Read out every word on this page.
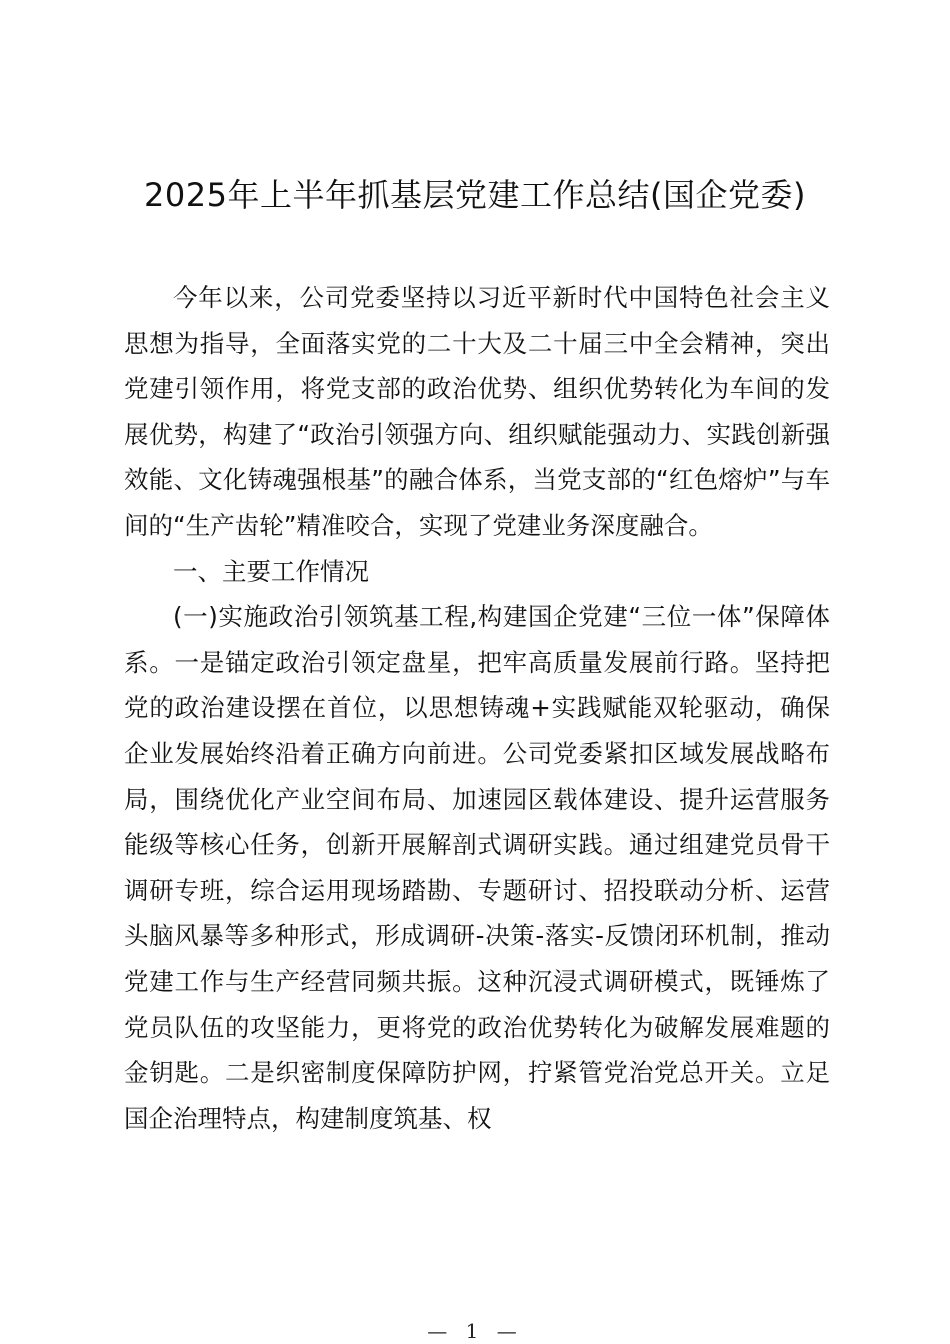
2025年上半年抓基层党建工作总结(国企党委)

今年以来，公司党委坚持以习近平新时代中国特色社会主义思想为指导，全面落实党的二十大及二十届三中全会精神，突出党建引领作用，将党支部的政治优势、组织优势转化为车间的发展优势，构建了“政治引领强方向、组织赋能强动力、实践创新强效能、文化铸魂强根基”的融合体系，当党支部的“红色熔炉”与车间的“生产齿轮”精准咬合，实现了党建业务深度融合。

一、主要工作情况

(一)实施政治引领筑基工程,构建国企党建“三位一体”保障体系。一是锚定政治引领定盘星，把牢高质量发展前行路。坚持把党的政治建设摆在首位，以思想铸魂+实践赋能双轮驱动，确保企业发展始终沿着正确方向前进。公司党委紧扣区域发展战略布局，围绕优化产业空间布局、加速园区载体建设、提升运营服务能级等核心任务，创新开展解剖式调研实践。通过组建党员骨干调研专班，综合运用现场踏勘、专题研讨、招投联动分析、运营头脑风暴等多种形式，形成调研-决策-落实-反馈闭环机制，推动党建工作与生产经营同频共振。这种沉浸式调研模式，既锤炼了党员队伍的攻坚能力，更将党的政治优势转化为破解发展难题的金钥匙。二是织密制度保障防护网，拧紧管党治党总开关。立足国企治理特点，构建制度筑基、权

— 1 —
